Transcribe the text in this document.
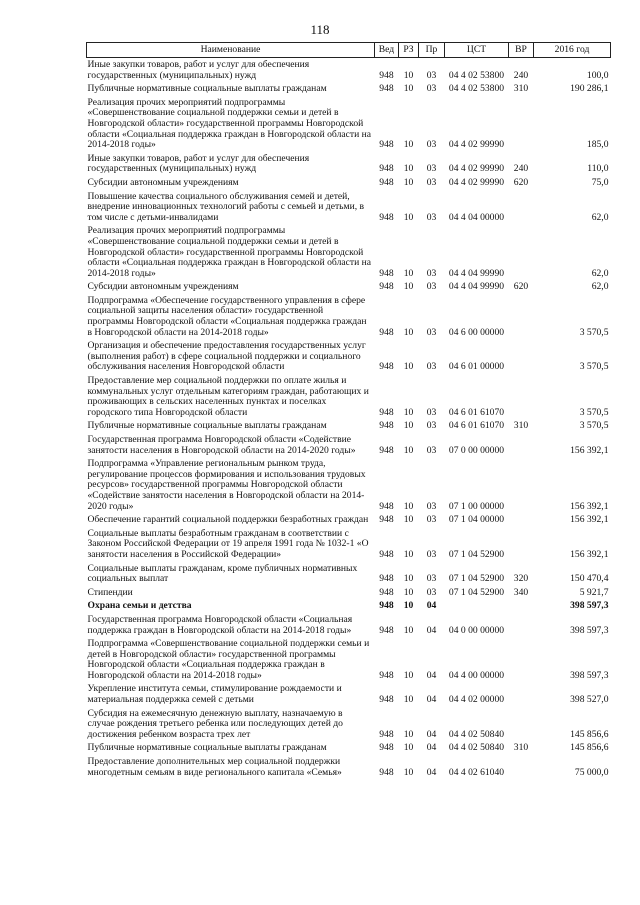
118
Наименование	Вед	РЗ	Пр	ЦСТ	ВР	2016 год
Иные закупки товаров, работ и услуг для обеспечения государственных (муниципальных) нужд	948	10	03	04 4 02 53800	240	100,0
Публичные нормативные социальные выплаты гражданам	948	10	03	04 4 02 53800	310	190 286,1
Реализация прочих мероприятий подпрограммы «Совершенствование социальной поддержки семьи и детей в Новгородской области» государственной программы Новгородской области «Социальная поддержка граждан в Новгородской области на 2014-2018 годы»	948	10	03	04 4 02 99990		185,0
Иные закупки товаров, работ и услуг для обеспечения государственных (муниципальных) нужд	948	10	03	04 4 02 99990	240	110,0
Субсидии автономным учреждениям	948	10	03	04 4 02 99990	620	75,0
Повышение качества социального обслуживания семей и детей, внедрение инновационных технологий работы с семьей и детьми, в том числе с детьми-инвалидами	948	10	03	04 4 04 00000		62,0
Реализация прочих мероприятий подпрограммы «Совершенствование социальной поддержки семьи и детей в Новгородской области» государственной программы Новгородской области «Социальная поддержка граждан в Новгородской области на 2014-2018 годы»	948	10	03	04 4 04 99990		62,0
Субсидии автономным учреждениям	948	10	03	04 4 04 99990	620	62,0
Подпрограмма «Обеспечение государственного управления в сфере социальной защиты населения области» государственной программы Новгородской области «Социальная поддержка граждан в Новгородской области на 2014-2018 годы»	948	10	03	04 6 00 00000		3 570,5
Организация и обеспечение предоставления государственных услуг (выполнения работ) в сфере социальной поддержки и социального обслуживания населения Новгородской области	948	10	03	04 6 01 00000		3 570,5
Предоставление мер социальной поддержки по оплате жилья и коммунальных услуг отдельным категориям граждан, работающих и проживающих в сельских населенных пунктах и поселках городского типа Новгородской области	948	10	03	04 6 01 61070		3 570,5
Публичные нормативные социальные выплаты гражданам	948	10	03	04 6 01 61070	310	3 570,5
Государственная программа Новгородской области «Содействие занятости населения в Новгородской области на 2014-2020 годы»	948	10	03	07 0 00 00000		156 392,1
Подпрограмма «Управление региональным рынком труда, регулирование процессов формирования и использования трудовых ресурсов» государственной программы Новгородской области «Содействие занятости населения в Новгородской области на 2014-2020 годы»	948	10	03	07 1 00 00000		156 392,1
Обеспечение гарантий социальной поддержки безработных граждан	948	10	03	07 1 04 00000		156 392,1
Социальные выплаты безработным гражданам в соответствии с Законом Российской Федерации от 19 апреля 1991 года № 1032-1 «О занятости населения в Российской Федерации»	948	10	03	07 1 04 52900		156 392,1
Социальные выплаты гражданам, кроме публичных нормативных социальных выплат	948	10	03	07 1 04 52900	320	150 470,4
Стипендии	948	10	03	07 1 04 52900	340	5 921,7
Охрана семьи и детства	948	10	04			398 597,3
Государственная программа Новгородской области «Социальная поддержка граждан в Новгородской области на 2014-2018 годы»	948	10	04	04 0 00 00000		398 597,3
Подпрограмма «Совершенствование социальной поддержки семьи и детей в Новгородской области» государственной программы Новгородской области «Социальная поддержка граждан в Новгородской области на 2014-2018 годы»	948	10	04	04 4 00 00000		398 597,3
Укрепление института семьи, стимулирование рождаемости и материальная поддержка семей с детьми	948	10	04	04 4 02 00000		398 527,0
Субсидия на ежемесячную денежную выплату, назначаемую в случае рождения третьего ребенка или последующих детей до достижения ребенком возраста трех лет	948	10	04	04 4 02 50840		145 856,6
Публичные нормативные социальные выплаты гражданам	948	10	04	04 4 02 50840	310	145 856,6
Предоставление дополнительных мер социальной поддержки многодетным семьям в виде регионального капитала «Семья»	948	10	04	04 4 02 61040		75 000,0
